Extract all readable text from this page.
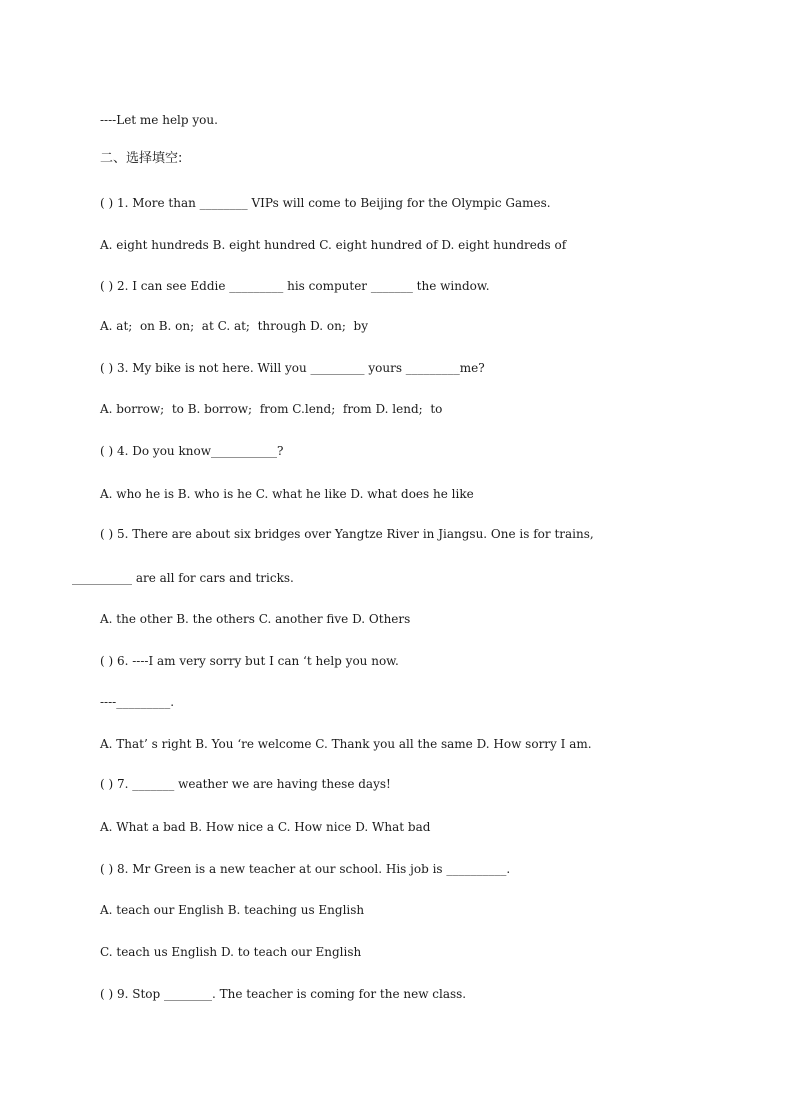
----Let me help you.
二、选择填空:
( ) 1. More than ________ VIPs will come to Beijing for the Olympic Games.
A. eight hundreds B. eight hundred C. eight hundred of D. eight hundreds of
( ) 2. I can see Eddie _________ his computer _______ the window.
A. at;  on B. on;  at C. at;  through D. on;  by
( ) 3. My bike is not here. Will you _________ yours _________me?
A. borrow;  to B. borrow;  from C.lend;  from D. lend;  to
( ) 4. Do you know___________?
A. who he is B. who is he C. what he like D. what does he like
( ) 5. There are about six bridges over Yangtze River in Jiangsu. One is for trains,
__________ are all for cars and tricks.
A. the other B. the others C. another five D. Others
( ) 6. ----I am very sorry but I can ‘t help you now.
----_________.
A. That’ s right B. You ‘re welcome C. Thank you all the same D. How sorry I am.
( ) 7. _______ weather we are having these days!
A. What a bad B. How nice a C. How nice D. What bad
( ) 8. Mr Green is a new teacher at our school. His job is __________.
A. teach our English B. teaching us English
C. teach us English D. to teach our English
( ) 9. Stop ________. The teacher is coming for the new class.
